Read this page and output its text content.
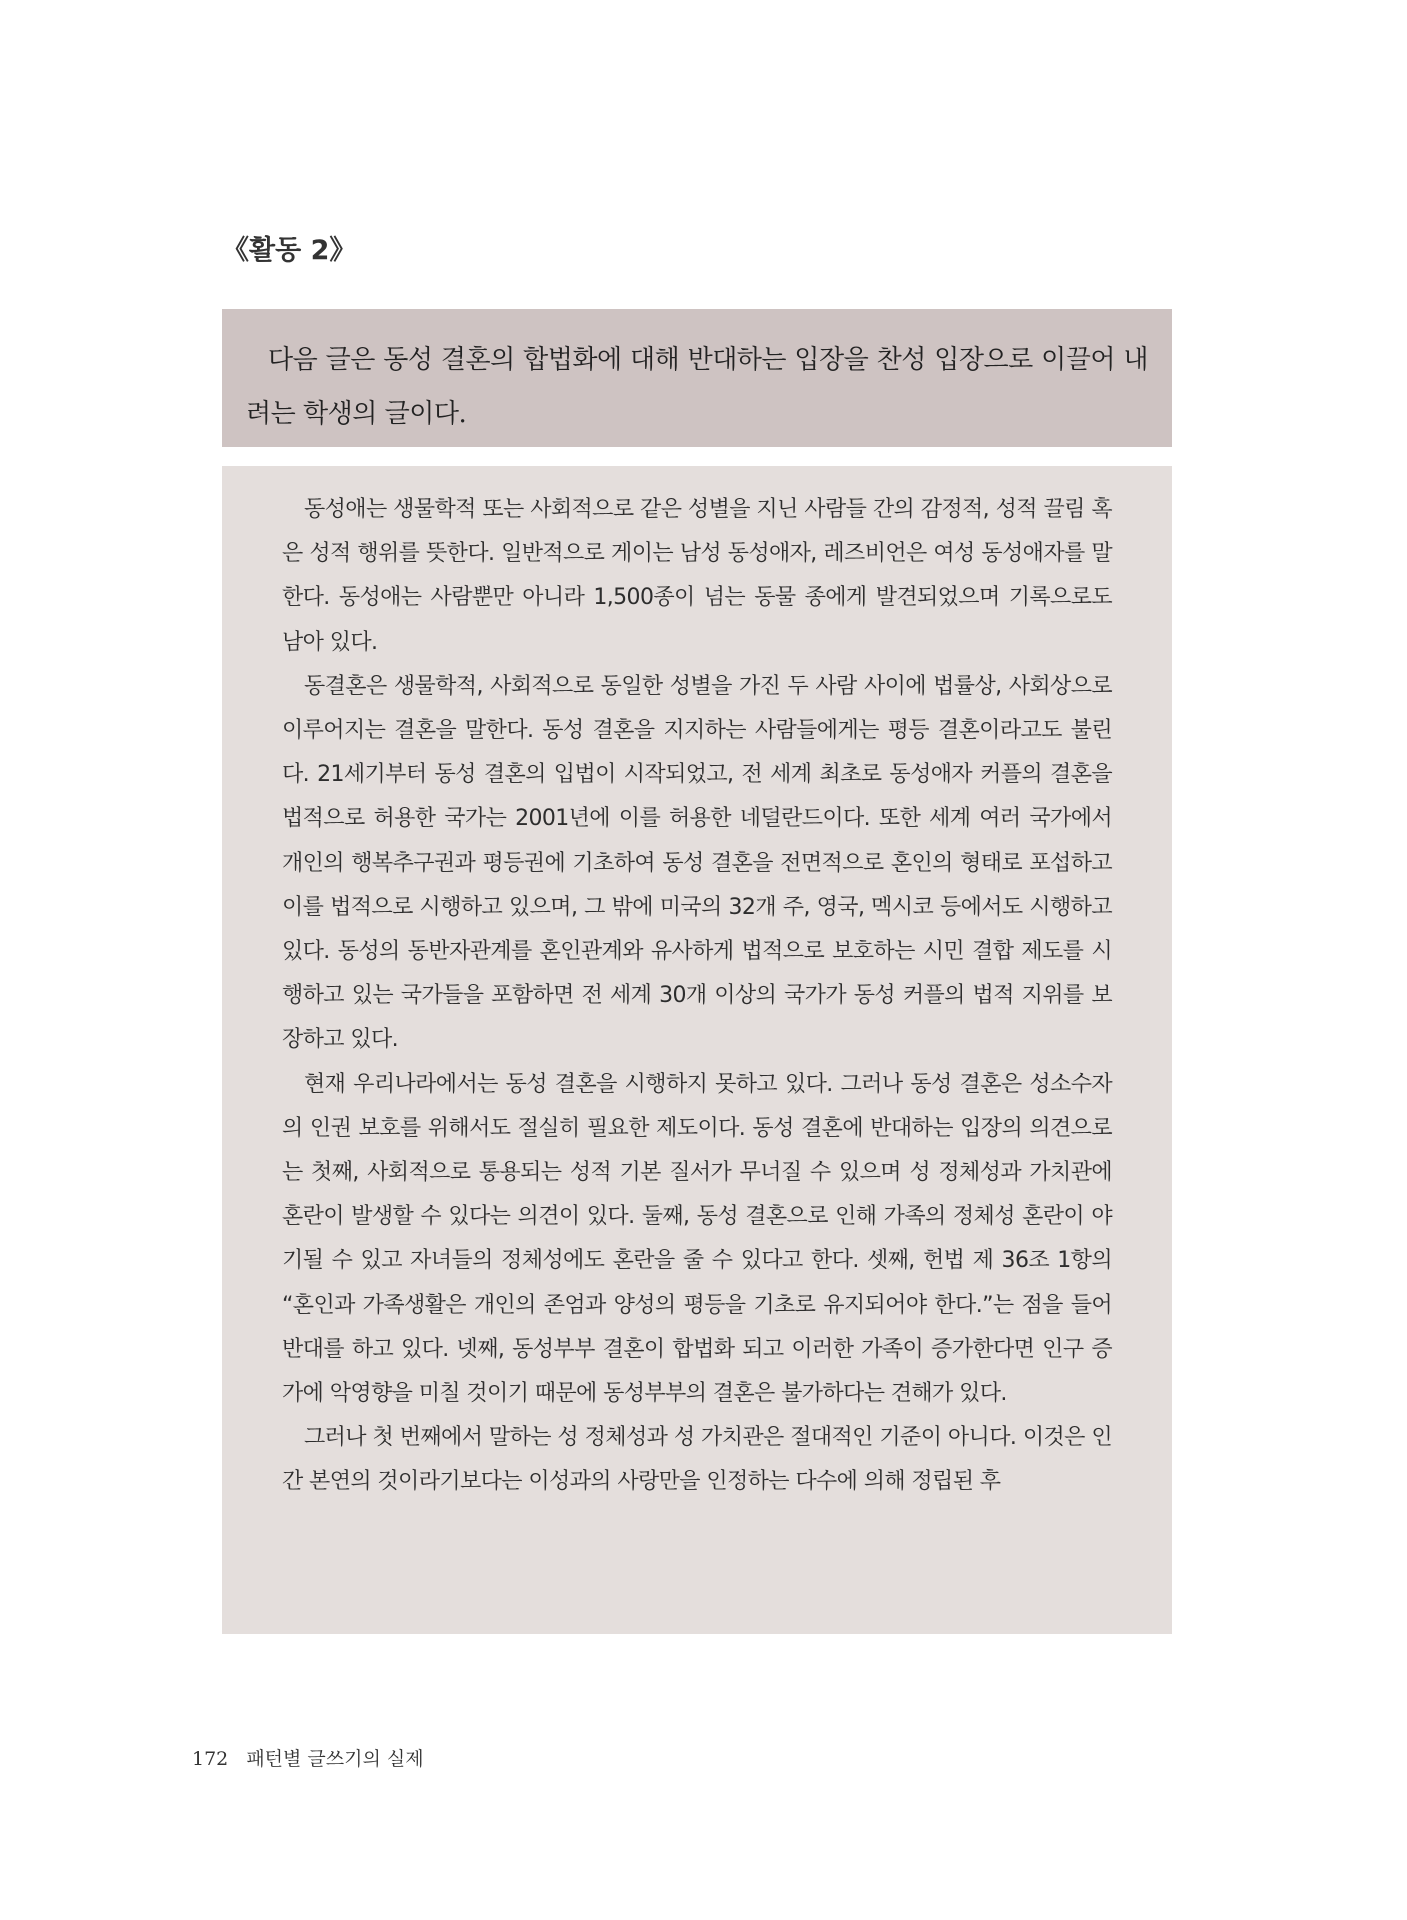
《활동 2》

다음 글은 동성 결혼의 합법화에 대해 반대하는 입장을 찬성 입장으로 이끌어 내려는 학생의 글이다.

동성애는 생물학적 또는 사회적으로 같은 성별을 지닌 사람들 간의 감정적, 성적 끌림 혹은 성적 행위를 뜻한다. 일반적으로 게이는 남성 동성애자, 레즈비언은 여성 동성애자를 말한다. 동성애는 사람뿐만 아니라 1,500종이 넘는 동물 종에게 발견되었으며 기록으로도 남아 있다.

동결혼은 생물학적, 사회적으로 동일한 성별을 가진 두 사람 사이에 법률상, 사회상으로 이루어지는 결혼을 말한다. 동성 결혼을 지지하는 사람들에게는 평등 결혼이라고도 불린다. 21세기부터 동성 결혼의 입법이 시작되었고, 전 세계 최초로 동성애자 커플의 결혼을 법적으로 허용한 국가는 2001년에 이를 허용한 네덜란드이다. 또한 세계 여러 국가에서 개인의 행복추구권과 평등권에 기초하여 동성 결혼을 전면적으로 혼인의 형태로 포섭하고 이를 법적으로 시행하고 있으며, 그 밖에 미국의 32개 주, 영국, 멕시코 등에서도 시행하고 있다. 동성의 동반자관계를 혼인관계와 유사하게 법적으로 보호하는 시민 결합 제도를 시행하고 있는 국가들을 포함하면 전 세계 30개 이상의 국가가 동성 커플의 법적 지위를 보장하고 있다.

현재 우리나라에서는 동성 결혼을 시행하지 못하고 있다. 그러나 동성 결혼은 성소수자의 인권 보호를 위해서도 절실히 필요한 제도이다. 동성 결혼에 반대하는 입장의 의견으로는 첫째, 사회적으로 통용되는 성적 기본 질서가 무너질 수 있으며 성 정체성과 가치관에 혼란이 발생할 수 있다는 의견이 있다. 둘째, 동성 결혼으로 인해 가족의 정체성 혼란이 야기될 수 있고 자녀들의 정체성에도 혼란을 줄 수 있다고 한다. 셋째, 헌법 제 36조 1항의 “혼인과 가족생활은 개인의 존엄과 양성의 평등을 기초로 유지되어야 한다.”는 점을 들어 반대를 하고 있다. 넷째, 동성부부 결혼이 합법화 되고 이러한 가족이 증가한다면 인구 증가에 악영향을 미칠 것이기 때문에 동성부부의 결혼은 불가하다는 견해가 있다.

그러나 첫 번째에서 말하는 성 정체성과 성 가치관은 절대적인 기준이 아니다. 이것은 인간 본연의 것이라기보다는 이성과의 사랑만을 인정하는 다수에 의해 정립된 후

172 패턴별 글쓰기의 실제
